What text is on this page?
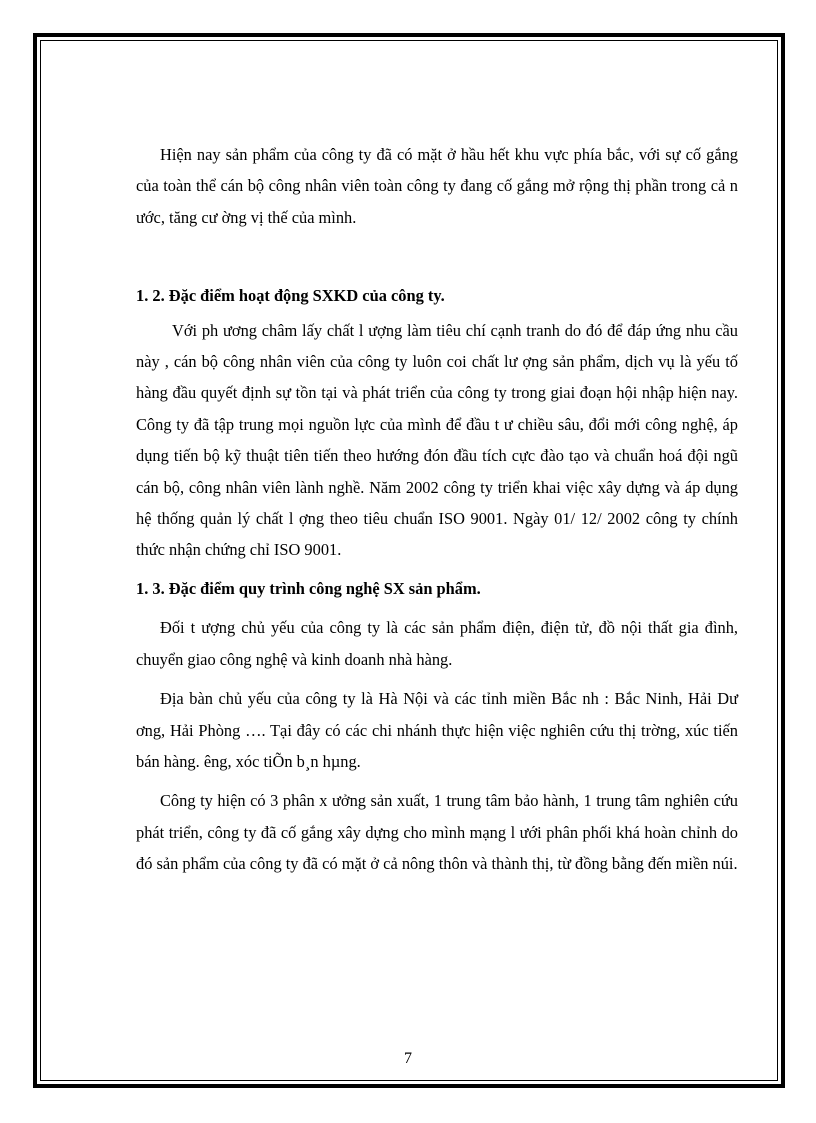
Hiện nay sản phẩm của công ty đã có mặt ở hầu hết khu vực phía bắc, với sự cố gắng của toàn thể cán bộ công nhân viên toàn công ty đang cố gắng mở rộng thị phần trong cả n ước, tăng cư ờng vị thế của mình.

1. 2. Đặc điểm hoạt động SXKD của công ty.

Với ph ương châm lấy chất l ượng làm tiêu chí cạnh tranh do đó để đáp ứng nhu cầu này , cán bộ công nhân viên của công ty luôn coi chất lư ợng sản phẩm, dịch vụ là yếu tố hàng đầu quyết định sự tồn tại và phát triển của công ty trong giai đoạn hội nhập hiện nay. Công ty đã tập trung mọi nguồn lực của mình để đầu t ư chiều sâu, đổi mới công nghệ, áp dụng tiến bộ kỹ thuật tiên tiến theo hướng đón đầu tích cực đào tạo và chuẩn hoá đội ngũ cán bộ, công nhân viên lành nghề. Năm 2002 công ty triển khai việc xây dựng và áp dụng hệ thống quản lý chất l ợng theo tiêu chuẩn ISO 9001. Ngày 01/ 12/ 2002 công ty chính thức nhận chứng chỉ ISO 9001.

1. 3. Đặc điểm quy trình công nghệ SX sản phẩm.

Đối t ượng chủ yếu của công ty là các sản phẩm điện, điện tử, đồ nội thất gia đình, chuyển giao công nghệ và kinh doanh nhà hàng.

Địa bàn chủ yếu của công ty là Hà Nội và các tỉnh miền Bắc nh : Bắc Ninh, Hải Dư ơng, Hải Phòng …. Tại đây có các chi nhánh thực hiện việc nghiên cứu thị trờng, xúc tiến bán hàng. êng, xóc tiÕn b¸n hµng.

Công ty hiện có 3 phân x ưởng sản xuất, 1 trung tâm bảo hành, 1 trung tâm nghiên cứu phát triển, công ty đã cố gắng xây dựng cho mình mạng l ưới phân phối khá hoàn chỉnh do đó sản phẩm của công ty đã có mặt ở cả nông thôn và thành thị, từ đồng bằng đến miền núi.

7
